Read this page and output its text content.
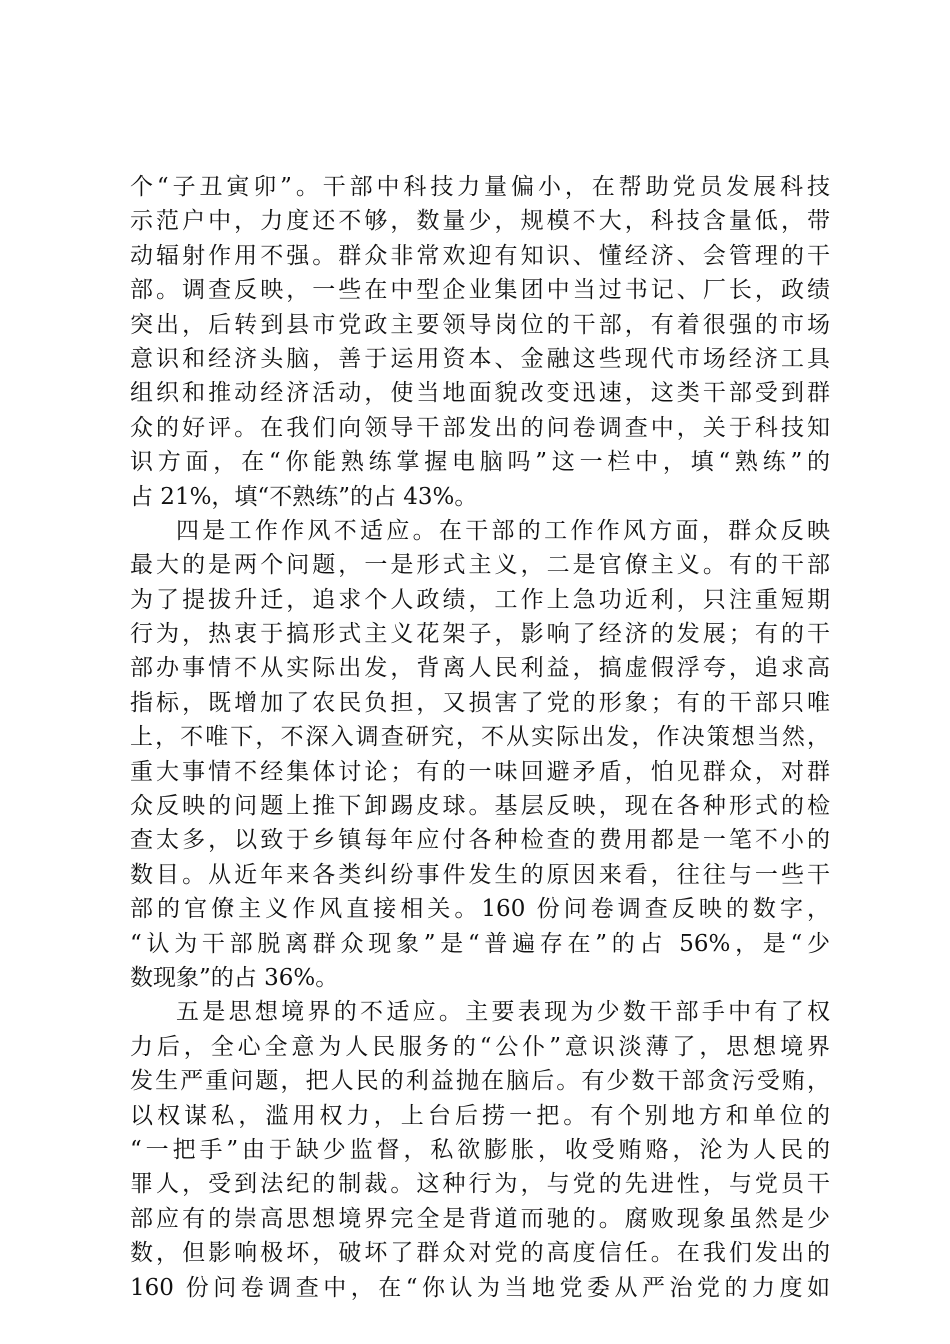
个“子丑寅卯”。干部中科技力量偏小，在帮助党员发展科技
示范户中，力度还不够，数量少，规模不大，科技含量低，带
动辐射作用不强。群众非常欢迎有知识、懂经济、会管理的干
部。调查反映，一些在中型企业集团中当过书记、厂长，政绩
突出，后转到县市党政主要领导岗位的干部，有着很强的市场
意识和经济头脑，善于运用资本、金融这些现代市场经济工具
组织和推动经济活动，使当地面貌改变迅速，这类干部受到群
众的好评。在我们向领导干部发出的问卷调查中，关于科技知
识方面，在“你能熟练掌握电脑吗”这一栏中，填“熟练”的
占 21%，填“不熟练”的占 43%。
四是工作作风不适应。在干部的工作作风方面，群众反映
最大的是两个问题，一是形式主义，二是官僚主义。有的干部
为了提拔升迁，追求个人政绩，工作上急功近利，只注重短期
行为，热衷于搞形式主义花架子，影响了经济的发展；有的干
部办事情不从实际出发，背离人民利益，搞虚假浮夸，追求高
指标，既增加了农民负担，又损害了党的形象；有的干部只唯
上，不唯下，不深入调查研究，不从实际出发，作决策想当然，
重大事情不经集体讨论；有的一味回避矛盾，怕见群众，对群
众反映的问题上推下卸踢皮球。基层反映，现在各种形式的检
查太多，以致于乡镇每年应付各种检查的费用都是一笔不小的
数目。从近年来各类纠纷事件发生的原因来看，往往与一些干
部的官僚主义作风直接相关。160 份问卷调查反映的数字，
“认为干部脱离群众现象”是“普遍存在”的占 56%，是“少
数现象”的占 36%。
五是思想境界的不适应。主要表现为少数干部手中有了权
力后，全心全意为人民服务的“公仆”意识淡薄了，思想境界
发生严重问题，把人民的利益抛在脑后。有少数干部贪污受贿，
以权谋私，滥用权力，上台后捞一把。有个别地方和单位的
“一把手”由于缺少监督，私欲膨胀，收受贿赂，沦为人民的
罪人，受到法纪的制裁。这种行为，与党的先进性，与党员干
部应有的崇高思想境界完全是背道而驰的。腐败现象虽然是少
数，但影响极坏，破坏了群众对党的高度信任。在我们发出的
160 份问卷调查中，在“你认为当地党委从严治党的力度如
